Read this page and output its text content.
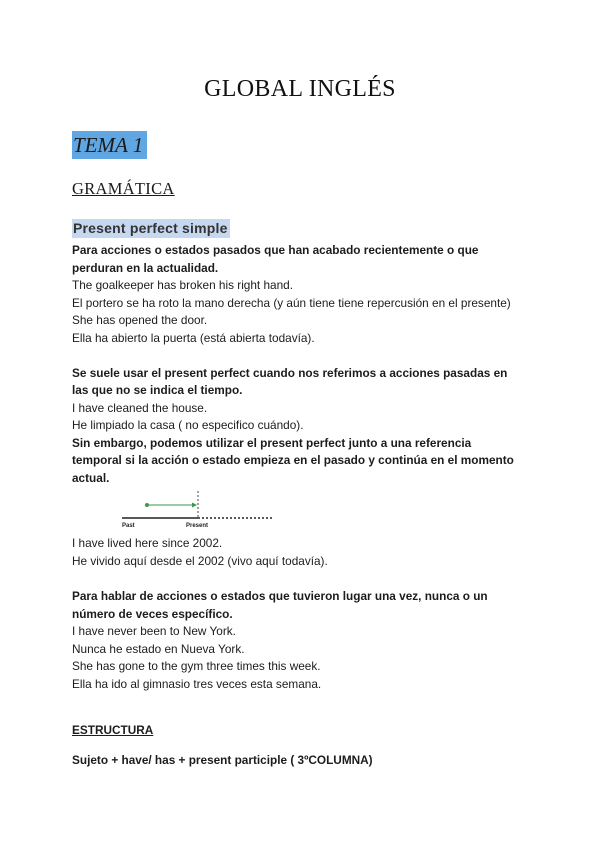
GLOBAL INGLÉS
TEMA 1
GRAMÁTICA
Present perfect simple
Para acciones o estados pasados que han acabado recientemente o que
perduran en la actualidad.
The goalkeeper has broken his right hand.
El portero se ha roto la mano derecha (y aún tiene tiene repercusión en el presente)
She has opened the door.
Ella ha abierto la puerta (está abierta todavía).
Se suele usar el present perfect cuando nos referimos a acciones pasadas en
las que no se indica el tiempo.
I have cleaned the house.
He limpiado la casa ( no especifico cuándo).
Sin embargo, podemos utilizar el present perfect junto a una referencia
temporal si la acción o estado empieza en el pasado y continúa en el momento
actual.
Past	Present
I have lived here since 2002.
He vivido aquí desde el 2002 (vivo aquí todavía).
Para hablar de acciones o estados que tuvieron lugar una vez, nunca o un
número de veces específico.
I have never been to New York.
Nunca he estado en Nueva York.
She has gone to the gym three times this week.
Ella ha ido al gimnasio tres veces esta semana.
ESTRUCTURA
Sujeto + have/ has + present participle ( 3ºCOLUMNA)
